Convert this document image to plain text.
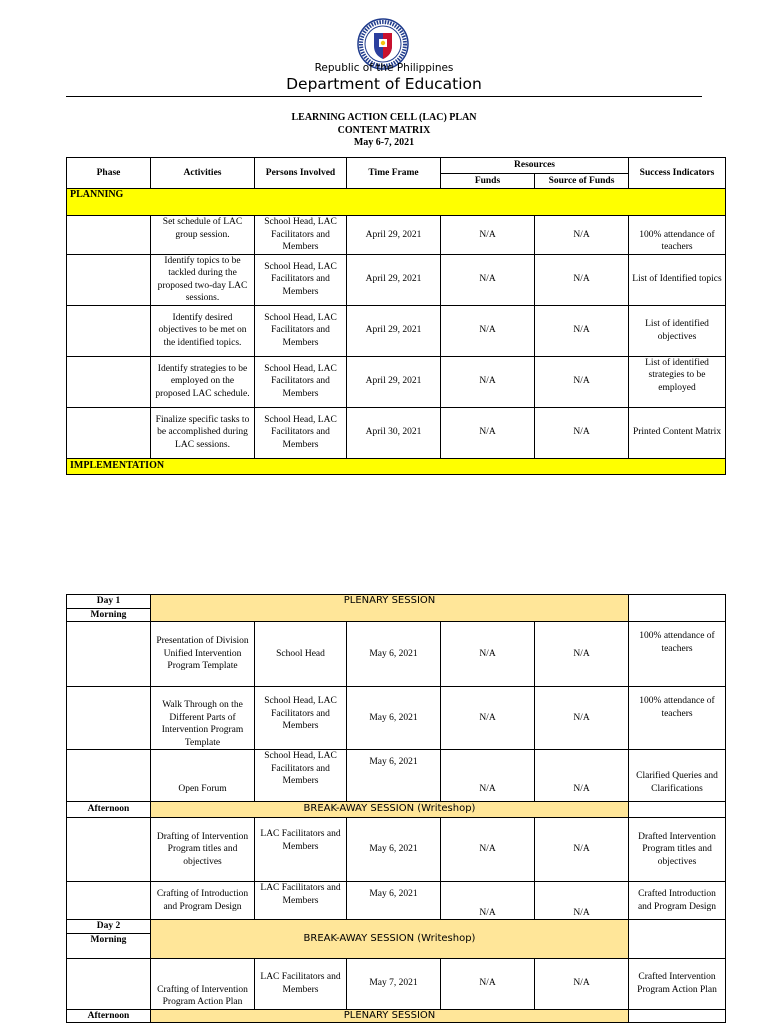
Republic of the Philippines
Department of Education
LEARNING ACTION CELL (LAC) PLAN
CONTENT MATRIX
May 6-7, 2021
Phase	Activities	Persons Involved	Time Frame	Resources		Success Indicators
				Funds	Source of Funds	
PLANNING						
	Set schedule of LAC group session.	School Head, LAC Facilitators and Members	April 29, 2021	N/A	N/A	100% attendance of teachers
	Identify topics to be tackled during the proposed two-day LAC sessions.	School Head, LAC Facilitators and Members	April 29, 2021	N/A	N/A	List of Identified topics
	Identify desired objectives to be met on the identified topics.	School Head, LAC Facilitators and Members	April 29, 2021	N/A	N/A	List of identified objectives
	Identify strategies to be employed on the proposed LAC schedule.	School Head, LAC Facilitators and Members	April 29, 2021	N/A	N/A	List of identified strategies to be employed
	Finalize specific tasks to be accomplished during LAC sessions.	School Head, LAC Facilitators and Members	April 30, 2021	N/A	N/A	Printed Content Matrix
IMPLEMENTATION						
Day 1	PLENARY SESSION					
Morning						
	Presentation of Division Unified Intervention Program Template	School Head	May 6, 2021	N/A	N/A	100% attendance of teachers
	Walk Through on the Different Parts of Intervention Program Template	School Head, LAC Facilitators and Members	May 6, 2021	N/A	N/A	100% attendance of teachers
	Open Forum	School Head, LAC Facilitators and Members	May 6, 2021	N/A	N/A	Clarified Queries and Clarifications
Afternoon	BREAK-AWAY SESSION (Writeshop)					
	Drafting of Intervention Program titles and objectives	LAC Facilitators and Members	May 6, 2021	N/A	N/A	Drafted Intervention Program titles and objectives
	Crafting of Introduction and Program Design	LAC Facilitators and Members	May 6, 2021	N/A	N/A	Crafted Introduction and Program Design
Day 2	BREAK-AWAY SESSION (Writeshop)					
Morning						
	Crafting of Intervention Program Action Plan	LAC Facilitators and Members	May 7, 2021	N/A	N/A	Crafted Intervention Program Action Plan
Afternoon	PLENARY SESSION					
